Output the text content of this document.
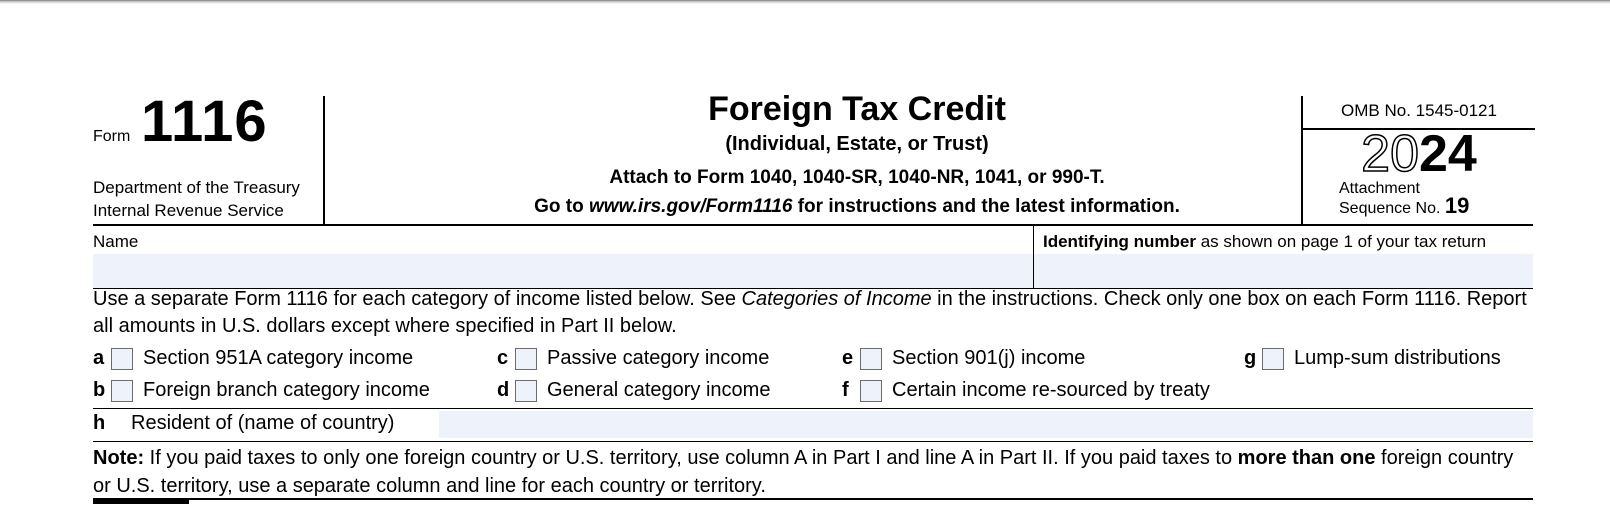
Form 1116
Department of the Treasury
Internal Revenue Service
Foreign Tax Credit
(Individual, Estate, or Trust)
Attach to Form 1040, 1040-SR, 1040-NR, 1041, or 990-T.
Go to www.irs.gov/Form1116 for instructions and the latest information.
OMB No. 1545-0121
2024
Attachment
Sequence No. 19
Name	Identifying number as shown on page 1 of your tax return
Use a separate Form 1116 for each category of income listed below. See Categories of Income in the instructions. Check only one box on each Form 1116. Report all amounts in U.S. dollars except where specified in Part II below.
a	Section 951A category income
b Foreign branch category income
c	Passive category income
d General category income
e	Section 901(j) income
f	Certain income re-sourced by treaty
g Lump-sum distributions
h Resident of (name of country)
Note: If you paid taxes to only one foreign country or U.S. territory, use column A in Part I and line A in Part II. If you paid taxes to more than one foreign country or U.S. territory, use a separate column and line for each country or territory.
